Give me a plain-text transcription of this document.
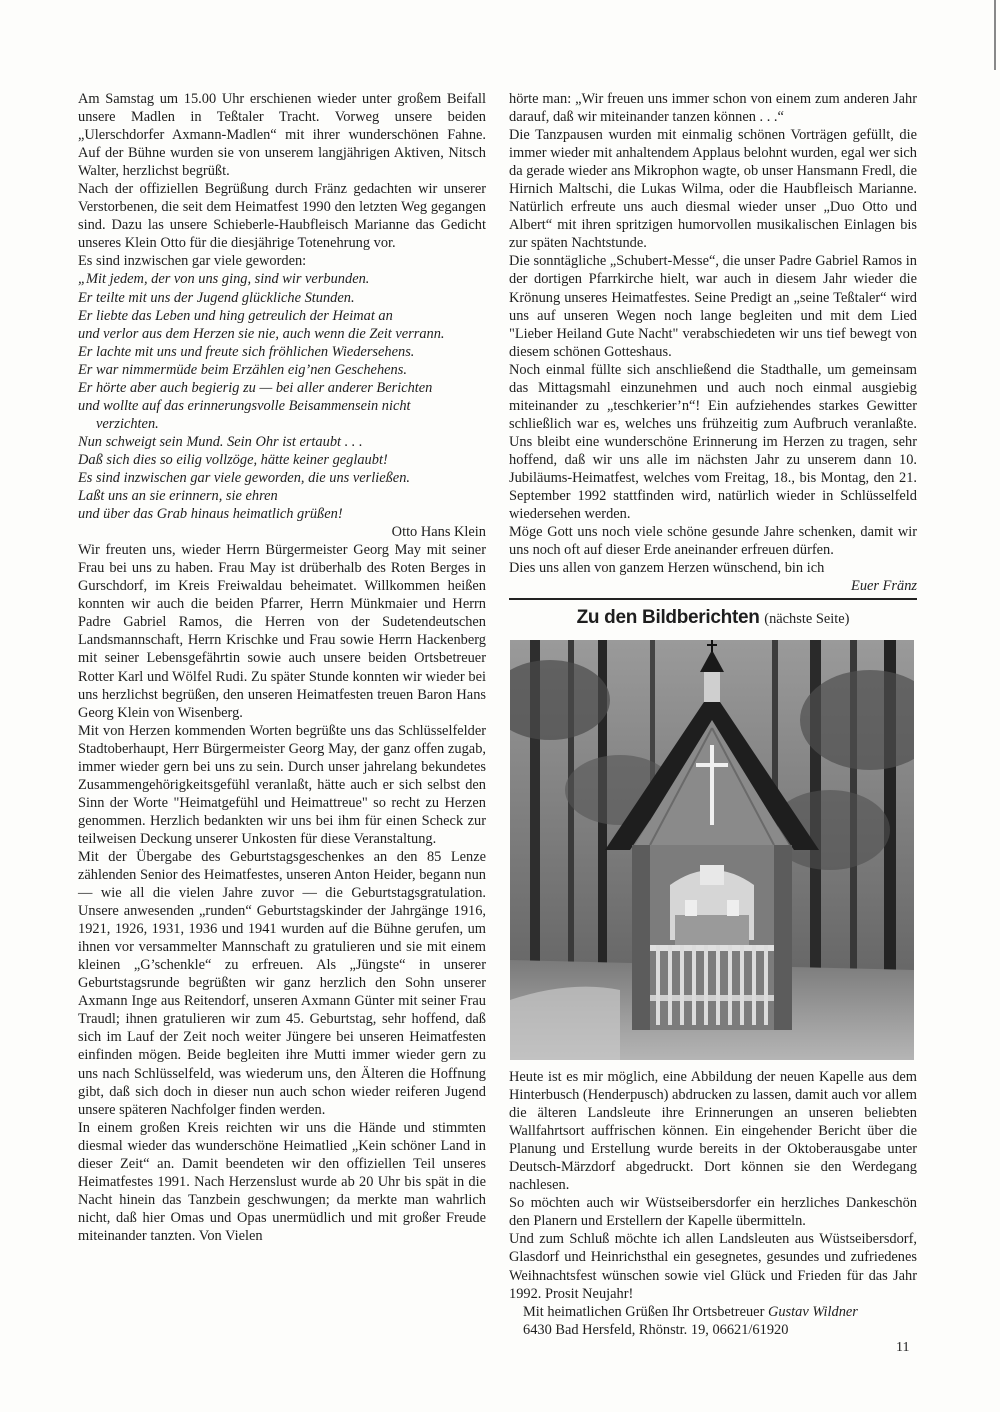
Am Samstag um 15.00 Uhr erschienen wieder unter großem Beifall unsere Madlen in Teßtaler Tracht. Vorweg unsere beiden „Ulerschdorfer Axmann-Madlen“ mit ihrer wunderschönen Fahne. Auf der Bühne wurden sie von unserem langjährigen Aktiven, Nitsch Walter, herzlichst begrüßt.

Nach der offiziellen Begrüßung durch Fränz gedachten wir unserer Verstorbenen, die seit dem Heimatfest 1990 den letzten Weg gegangen sind. Dazu las unsere Schieberle-Haubfleisch Marianne das Gedicht unseres Klein Otto für die diesjährige Totenehrung vor.

Es sind inzwischen gar viele geworden:

„Mit jedem, der von uns ging, sind wir verbunden.

Er teilte mit uns der Jugend glückliche Stunden.

Er liebte das Leben und hing getreulich der Heimat an

und verlor aus dem Herzen sie nie, auch wenn die Zeit verrann.

Er lachte mit uns und freute sich fröhlichen Wiedersehens.

Er war nimmermüde beim Erzählen eig’nen Geschehens.

Er hörte aber auch begierig zu — bei aller anderer Berichten

und wollte auf das erinnerungsvolle Beisammensein nicht

verzichten.

Nun schweigt sein Mund. Sein Ohr ist ertaubt . . .

Daß sich dies so eilig vollzöge, hätte keiner geglaubt!

Es sind inzwischen gar viele geworden, die uns verließen.

Laßt uns an sie erinnern, sie ehren

und über das Grab hinaus heimatlich grüßen!

Otto Hans Klein

Wir freuten uns, wieder Herrn Bürgermeister Georg May mit seiner Frau bei uns zu haben. Frau May ist drüberhalb des Roten Berges in Gurschdorf, im Kreis Freiwaldau beheimatet. Willkommen heißen konnten wir auch die beiden Pfarrer, Herrn Münkmaier und Herrn Padre Gabriel Ramos, die Herren von der Sudetendeutschen Landsmannschaft, Herrn Krischke und Frau sowie Herrn Hackenberg mit seiner Lebensgefährtin sowie auch unsere beiden Ortsbetreuer Rotter Karl und Wölfel Rudi. Zu später Stunde konnten wir wieder bei uns herzlichst begrüßen, den unseren Heimatfesten treuen Baron Hans Georg Klein von Wisenberg.

Mit von Herzen kommenden Worten begrüßte uns das Schlüsselfelder Stadtoberhaupt, Herr Bürgermeister Georg May, der ganz offen zugab, immer wieder gern bei uns zu sein. Durch unser jahrelang bekundetes Zusammengehörigkeitsgefühl veranlaßt, hätte auch er sich selbst den Sinn der Worte "Heimatgefühl und Heimattreue" so recht zu Herzen genommen. Herzlich bedankten wir uns bei ihm für einen Scheck zur teilweisen Deckung unserer Unkosten für diese Veranstaltung.

Mit der Übergabe des Geburtstagsgeschenkes an den 85 Lenze zählenden Senior des Heimatfestes, unseren Anton Heider, begann nun — wie all die vielen Jahre zuvor — die Geburtstagsgratulation. Unsere anwesenden „runden“ Geburtstagskinder der Jahrgänge 1916, 1921, 1926, 1931, 1936 und 1941 wurden auf die Bühne gerufen, um ihnen vor versammelter Mannschaft zu gratulieren und sie mit einem kleinen „G’schenkle“ zu erfreuen. Als „Jüngste“ in unserer Geburtstagsrunde begrüßten wir ganz herzlich den Sohn unserer Axmann Inge aus Reitendorf, unseren Axmann Günter mit seiner Frau Traudl; ihnen gratulieren wir zum 45. Geburtstag, sehr hoffend, daß sich im Lauf der Zeit noch weiter Jüngere bei unseren Heimatfesten einfinden mögen. Beide begleiten ihre Mutti immer wieder gern zu uns nach Schlüsselfeld, was wiederum uns, den Älteren die Hoffnung gibt, daß sich doch in dieser nun auch schon wieder reiferen Jugend unsere späteren Nachfolger finden werden.

In einem großen Kreis reichten wir uns die Hände und stimmten diesmal wieder das wunderschöne Heimatlied „Kein schöner Land in dieser Zeit“ an. Damit beendeten wir den offiziellen Teil unseres Heimatfestes 1991. Nach Herzenslust wurde ab 20 Uhr bis spät in die Nacht hinein das Tanzbein geschwungen; da merkte man wahrlich nicht, daß hier Omas und Opas unermüdlich und mit großer Freude miteinander tanzten. Von Vielen

hörte man: „Wir freuen uns immer schon von einem zum anderen Jahr darauf, daß wir miteinander tanzen können . . .“

Die Tanzpausen wurden mit einmalig schönen Vorträgen gefüllt, die immer wieder mit anhaltendem Applaus belohnt wurden, egal wer sich da gerade wieder ans Mikrophon wagte, ob unser Hansmann Fredl, die Hirnich Maltschi, die Lukas Wilma, oder die Haubfleisch Marianne. Natürlich erfreute uns auch diesmal wieder unser „Duo Otto und Albert“ mit ihren spritzigen humorvollen musikalischen Einlagen bis zur späten Nachtstunde.

Die sonntägliche „Schubert-Messe“, die unser Padre Gabriel Ramos in der dortigen Pfarrkirche hielt, war auch in diesem Jahr wieder die Krönung unseres Heimatfestes. Seine Predigt an „seine Teßtaler“ wird uns auf unseren Wegen noch lange begleiten und mit dem Lied "Lieber Heiland Gute Nacht" verabschiedeten wir uns tief bewegt von diesem schönen Gotteshaus.

Noch einmal füllte sich anschließend die Stadthalle, um gemeinsam das Mittagsmahl einzunehmen und auch noch einmal ausgiebig miteinander zu „teschkerier’n“! Ein aufziehendes starkes Gewitter schließlich war es, welches uns frühzeitig zum Aufbruch veranlaßte. Uns bleibt eine wunderschöne Erinnerung im Herzen zu tragen, sehr hoffend, daß wir uns alle im nächsten Jahr zu unserem dann 10. Jubiläums-Heimatfest, welches vom Freitag, 18., bis Montag, den 21. September 1992 stattfinden wird, natürlich wieder in Schlüsselfeld wiedersehen werden.

Möge Gott uns noch viele schöne gesunde Jahre schenken, damit wir uns noch oft auf dieser Erde aneinander erfreuen dürfen.

Dies uns allen von ganzem Herzen wünschend, bin ich

Euer Fränz

Zu den Bildberichten (nächste Seite)

Heute ist es mir möglich, eine Abbildung der neuen Kapelle aus dem Hinterbusch (Henderpusch) abdrucken zu lassen, damit auch vor allem die älteren Landsleute ihre Erinnerungen an unseren beliebten Wallfahrtsort auffrischen können. Ein eingehender Bericht über die Planung und Erstellung wurde bereits in der Oktoberausgabe unter Deutsch-Märzdorf abgedruckt. Dort können sie den Werdegang nachlesen.

So möchten auch wir Wüstseibersdorfer ein herzliches Dankeschön den Planern und Erstellern der Kapelle übermitteln.

Und zum Schluß möchte ich allen Landsleuten aus Wüstseibersdorf, Glasdorf und Heinrichsthal ein gesegnetes, gesundes und zufriedenes Weihnachtsfest wünschen sowie viel Glück und Frieden für das Jahr 1992. Prosit Neujahr!

Mit heimatlichen Grüßen Ihr Ortsbetreuer Gustav Wildner

6430 Bad Hersfeld, Rhönstr. 19, 06621/61920

11
